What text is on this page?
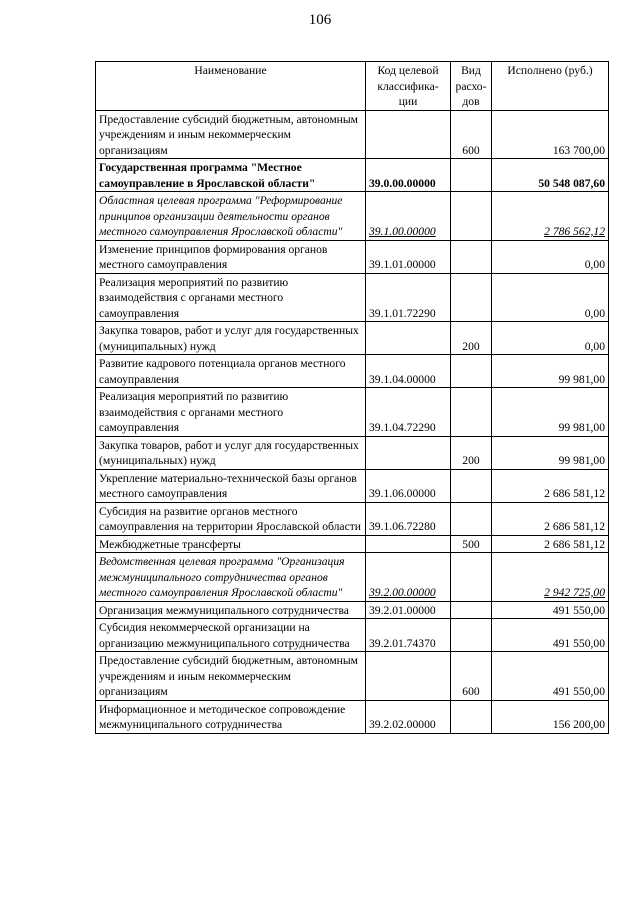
106
Наименование	Код целевой классифика-ции	Вид расхо-дов	Исполнено (руб.)
Предоставление субсидий бюджетным, автономным учреждениям и иным некоммерческим организациям		600	163 700,00
Государственная программа "Местное самоуправление в Ярославской области"	39.0.00.00000		50 548 087,60
Областная целевая программа "Реформирование принципов организации деятельности органов местного самоуправления Ярославской области"	39.1.00.00000		2 786 562,12
Изменение принципов формирования органов местного самоуправления	39.1.01.00000		0,00
Реализация мероприятий по развитию взаимодействия с органами местного самоуправления	39.1.01.72290		0,00
Закупка товаров, работ и услуг для государственных (муниципальных) нужд		200	0,00
Развитие кадрового потенциала органов местного самоуправления	39.1.04.00000		99 981,00
Реализация мероприятий по развитию взаимодействия с органами местного самоуправления	39.1.04.72290		99 981,00
Закупка товаров, работ и услуг для государственных (муниципальных) нужд		200	99 981,00
Укрепление материально-технической базы органов местного самоуправления	39.1.06.00000		2 686 581,12
Субсидия на развитие органов местного самоуправления на территории Ярославской области	39.1.06.72280		2 686 581,12
Межбюджетные трансферты		500	2 686 581,12
Ведомственная целевая программа "Организация межмуниципального сотрудничества органов местного самоуправления Ярославской области"	39.2.00.00000		2 942 725,00
Организация межмуниципального сотрудничества	39.2.01.00000		491 550,00
Субсидия некоммерческой организации на организацию межмуниципального сотрудничества	39.2.01.74370		491 550,00
Предоставление субсидий бюджетным, автономным учреждениям и иным некоммерческим организациям		600	491 550,00
Информационное и методическое сопровождение межмуниципального сотрудничества	39.2.02.00000		156 200,00
